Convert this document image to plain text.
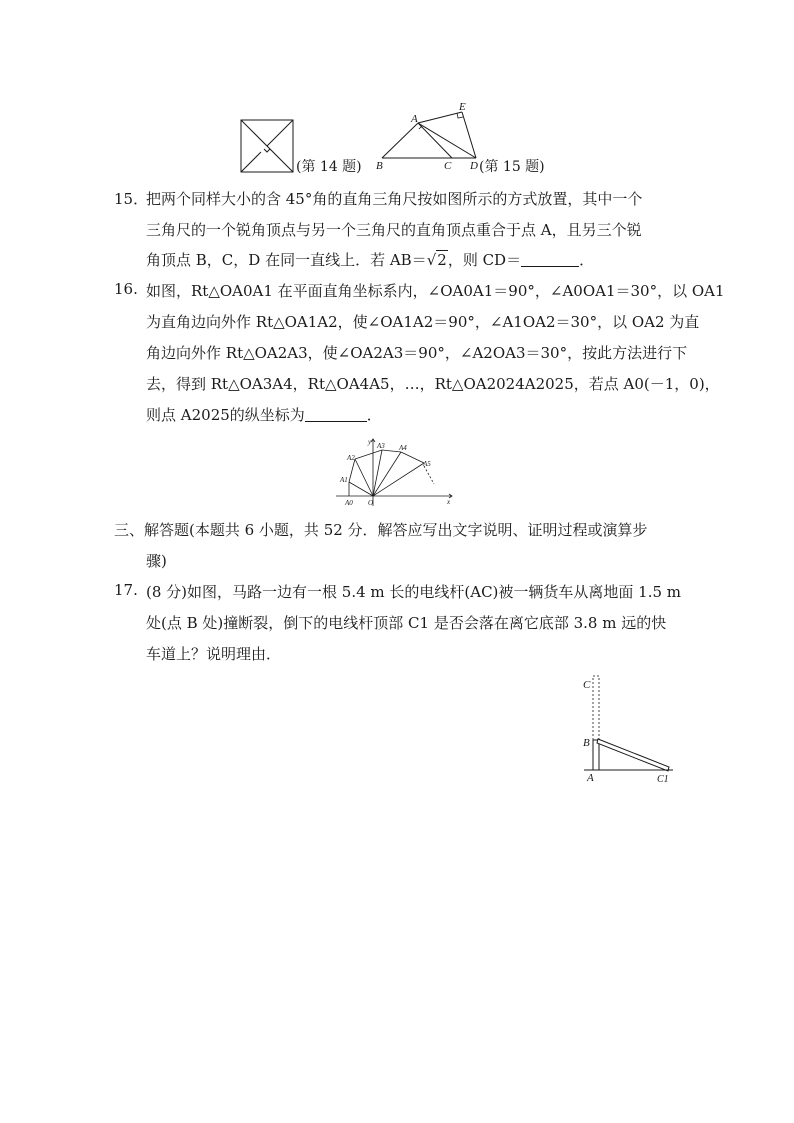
(第 14 题)
A
E
B	C D (第 15 题)
15．
把两个同样大小的含 45°角的直角三角尺按如图所示的方式放置，其中一个
三角尺的一个锐角顶点与另一个三角尺的直角顶点重合于点 A，且另三个锐
角顶点 B，C，D 在同一直线上．若 AB＝√2，则 CD＝	．
16. 如图，Rt△OA0A1 在平面直角坐标系内，∠OA0A1＝90°，∠A0OA1＝30°，以 OA1
为直角边向外作 Rt△OA1A2，使∠OA1A2＝90°，∠A1OA2＝30°，以 OA2 为直
角边向外作 Rt△OA2A3，使∠OA2A3＝90°，∠A2OA3＝30°，按此方法进行下
去，得到 Rt△OA3A4，Rt△OA4A5，…，Rt△OA2024A2025，若点 A0(－1，0)，
则点 A2025的纵坐标为	．
y A3
A2
A4
A1
A5
A0 O	x
三、解答题(本题共 6 小题，共 52 分．解答应写出文字说明、证明过程或演算步
骤)
17. (8 分)如图，马路一边有一根 5.4 m 长的电线杆(AC)被一辆货车从离地面 1.5 m
处(点 B 处)撞断裂，倒下的电线杆顶部 C1 是否会落在离它底部 3.8 m 远的快
车道上？说明理由．
C
B
A	C1
